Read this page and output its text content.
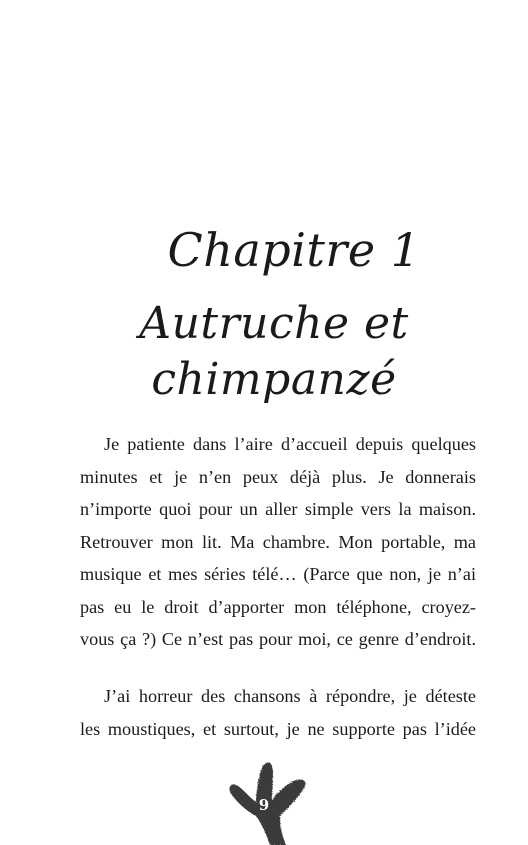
Chapitre 1
Autruche et chimpanzé

Je patiente dans l’aire d’accueil depuis quelques
minutes et je n’en peux déjà plus. Je donnerais
n’importe quoi pour un aller simple vers la maison.
Retrouver mon lit. Ma chambre. Mon portable, ma
musique et mes séries télé… (Parce que non, je n’ai
pas eu le droit d’apporter mon téléphone, croyez-
vous ça ?) Ce n’est pas pour moi, ce genre d’endroit.

J’ai horreur des chansons à répondre, je déteste
les moustiques, et surtout, je ne supporte pas l’idée

9
